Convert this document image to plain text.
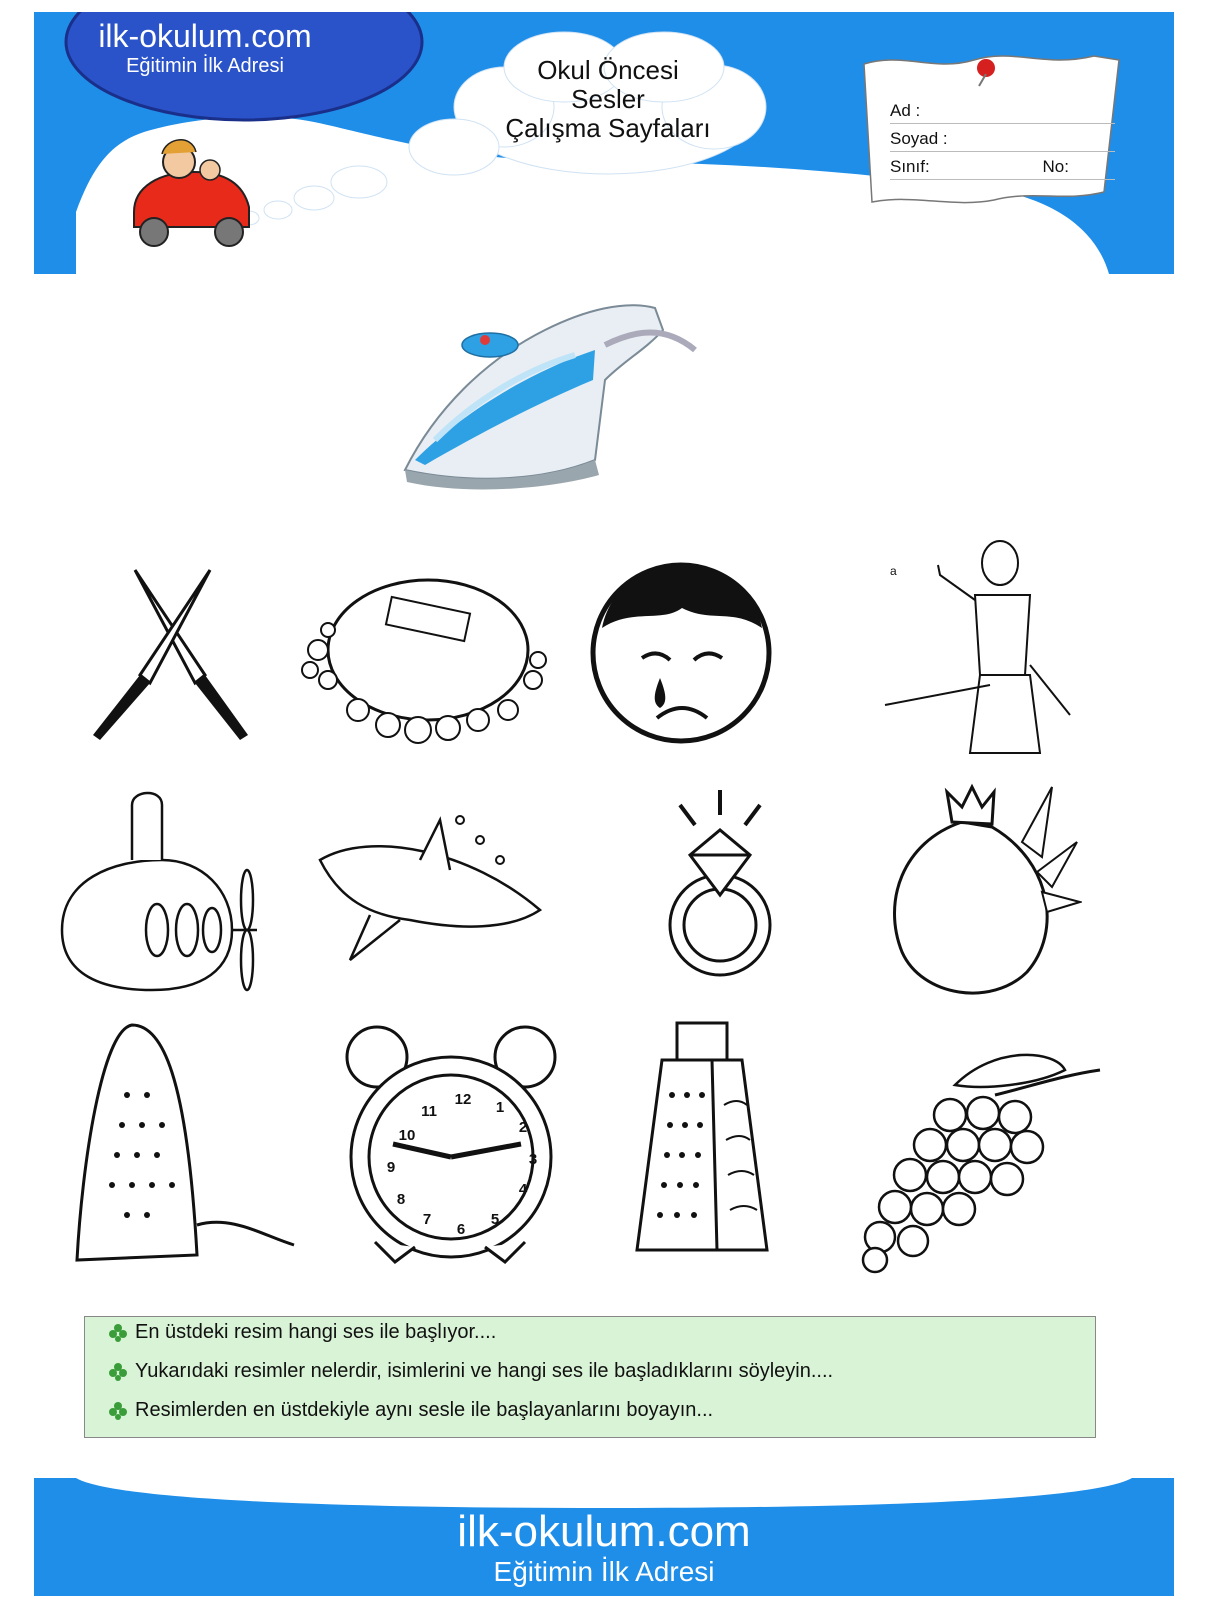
ilk-okulum.com
Eğitimin İlk Adresi	Okul Öncesi
Sesler
Çalışma Sayfaları
Ad :
Soyad :
Sınıf:	No:
a
12 1
2
3
4
5
6
7
8
9
10
11
En üstdeki resim hangi ses ile başlıyor....
Yukarıdaki resimler nelerdir, isimlerini ve hangi ses ile başladıklarını söyleyin....
Resimlerden en üstdekiyle aynı sesle ile başlayanlarını boyayın...
ilk-okulum.com
Eğitimin İlk Adresi
